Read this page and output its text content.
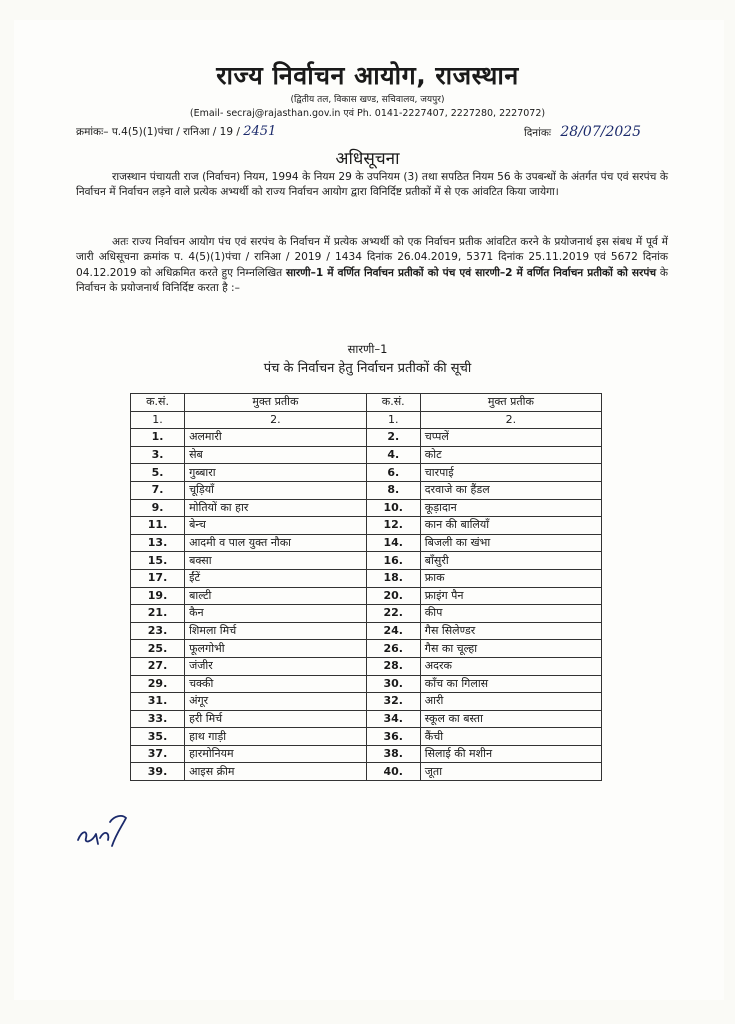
राज्य निर्वाचन आयोग, राजस्थान
(द्वितीय तल, विकास खण्ड, सचिवालय, जयपुर)
(Email- secraj@rajasthan.gov.in एवं Ph. 0141-2227407, 2227280, 2227072)
क्रमांकः– प.4(5)(1)पंचा / रानिआ / 19 / 2451	दिनांकः 28/07/2025
अधिसूचना
राजस्थान पंचायती राज (निर्वाचन) नियम, 1994 के नियम 29 के उपनियम (3) तथा सपठित नियम 56 के उपबन्धों के अंतर्गत पंच एवं सरपंच के निर्वाचन में निर्वाचन लड़ने वाले प्रत्येक अभ्यर्थी को राज्य निर्वाचन आयोग द्वारा विनिर्दिष्ट प्रतीकों में से एक आंवटित किया जायेगा।
अतः राज्य निर्वाचन आयोग पंच एवं सरपंच के निर्वाचन में प्रत्येक अभ्यर्थी को एक निर्वाचन प्रतीक आंवटित करने के प्रयोजनार्थ इस संबध में पूर्व में जारी अधिसूचना क्रमांक प. 4(5)(1)पंचा / रानिआ / 2019 / 1434 दिनांक 26.04.2019, 5371 दिनांक 25.11.2019 एवं 5672 दिनांक 04.12.2019 को अधिक्रमित करते हुए निम्नलिखित सारणी–1 में वर्णित निर्वाचन प्रतीकों को पंच एवं सारणी–2 में वर्णित निर्वाचन प्रतीकों को सरपंच के निर्वाचन के प्रयोजनार्थ विनिर्दिष्ट करता है :–
सारणी–1
पंच के निर्वाचन हेतु निर्वाचन प्रतीकों की सूची
क.सं.	मुक्त प्रतीक	क.सं.	मुक्त प्रतीक
1.	2.	1.	2.
1.	अलमारी	2.	चप्पलें
3.	सेब	4.	कोट
5.	गुब्बारा	6.	चारपाई
7.	चूड़ियाँ	8.	दरवाजे का हैंडल
9.	मोतियों का हार	10.	कूड़ादान
11.	बेन्च	12.	कान की बालियाँ
13.	आदमी व पाल युक्त नौका	14.	बिजली का खंभा
15.	बक्सा	16.	बाँसुरी
17.	ईंटें	18.	फ्राक
19.	बाल्टी	20.	फ्राइंग पैन
21.	कैन	22.	कीप
23.	शिमला मिर्च	24.	गैस सिलेण्डर
25.	फूलगोभी	26.	गैस का चूल्हा
27.	जंजीर	28.	अदरक
29.	चक्की	30.	काँच का गिलास
31.	अंगूर	32.	आरी
33.	हरी मिर्च	34.	स्कूल का बस्ता
35.	हाथ गाड़ी	36.	कैंची
37.	हारमोनियम	38.	सिलाई की मशीन
39.	आइस क्रीम	40.	जूता
